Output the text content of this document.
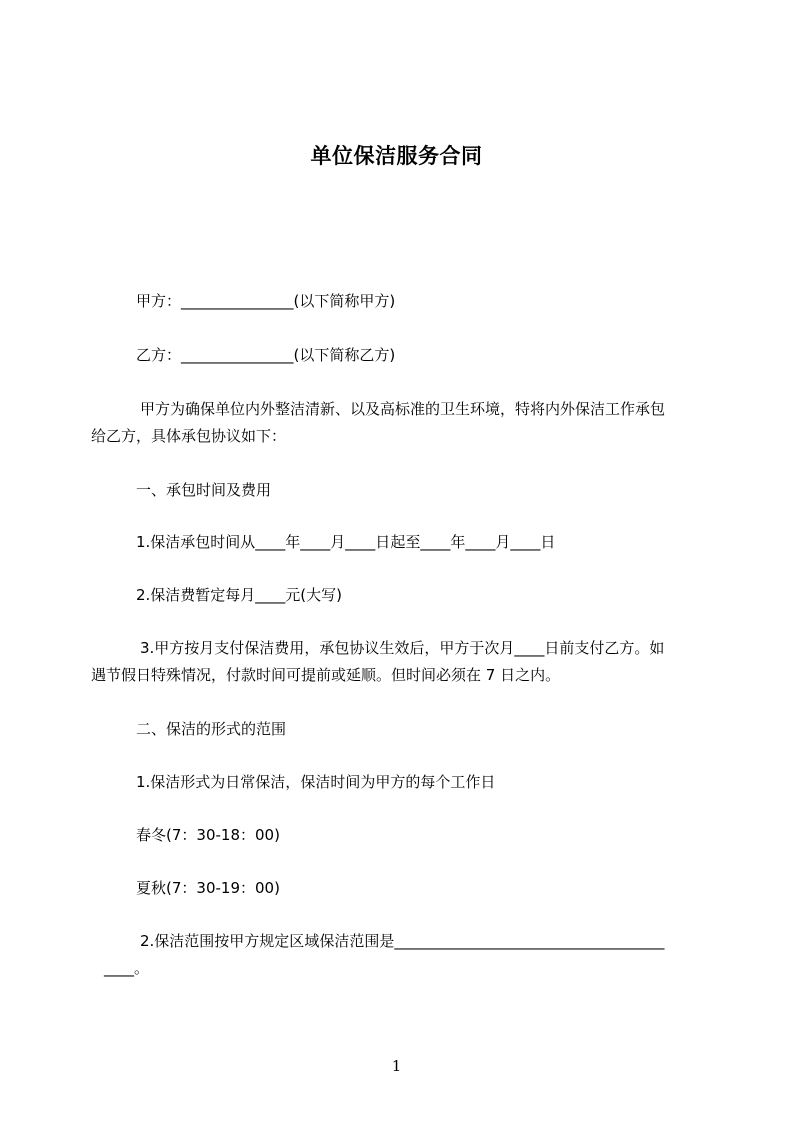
单位保洁服务合同
甲方：_______________(以下简称甲方)
乙方：_______________(以下简称乙方)
甲方为确保单位内外整洁清新、以及高标准的卫生环境，特将内外保洁工作承包
给乙方，具体承包协议如下：
一、承包时间及费用
1.保洁承包时间从____年____月____日起至____年____月____日
2.保洁费暂定每月____元(大写)
3.甲方按月支付保洁费用，承包协议生效后，甲方于次月____日前支付乙方。如
遇节假日特殊情况，付款时间可提前或延顺。但时间必须在 7 日之内。
二、保洁的形式的范围
1.保洁形式为日常保洁，保洁时间为甲方的每个工作日
春冬(7：30-18：00)
夏秋(7：30-19：00)
2.保洁范围按甲方规定区域保洁范围是____________________________________
____。
1
